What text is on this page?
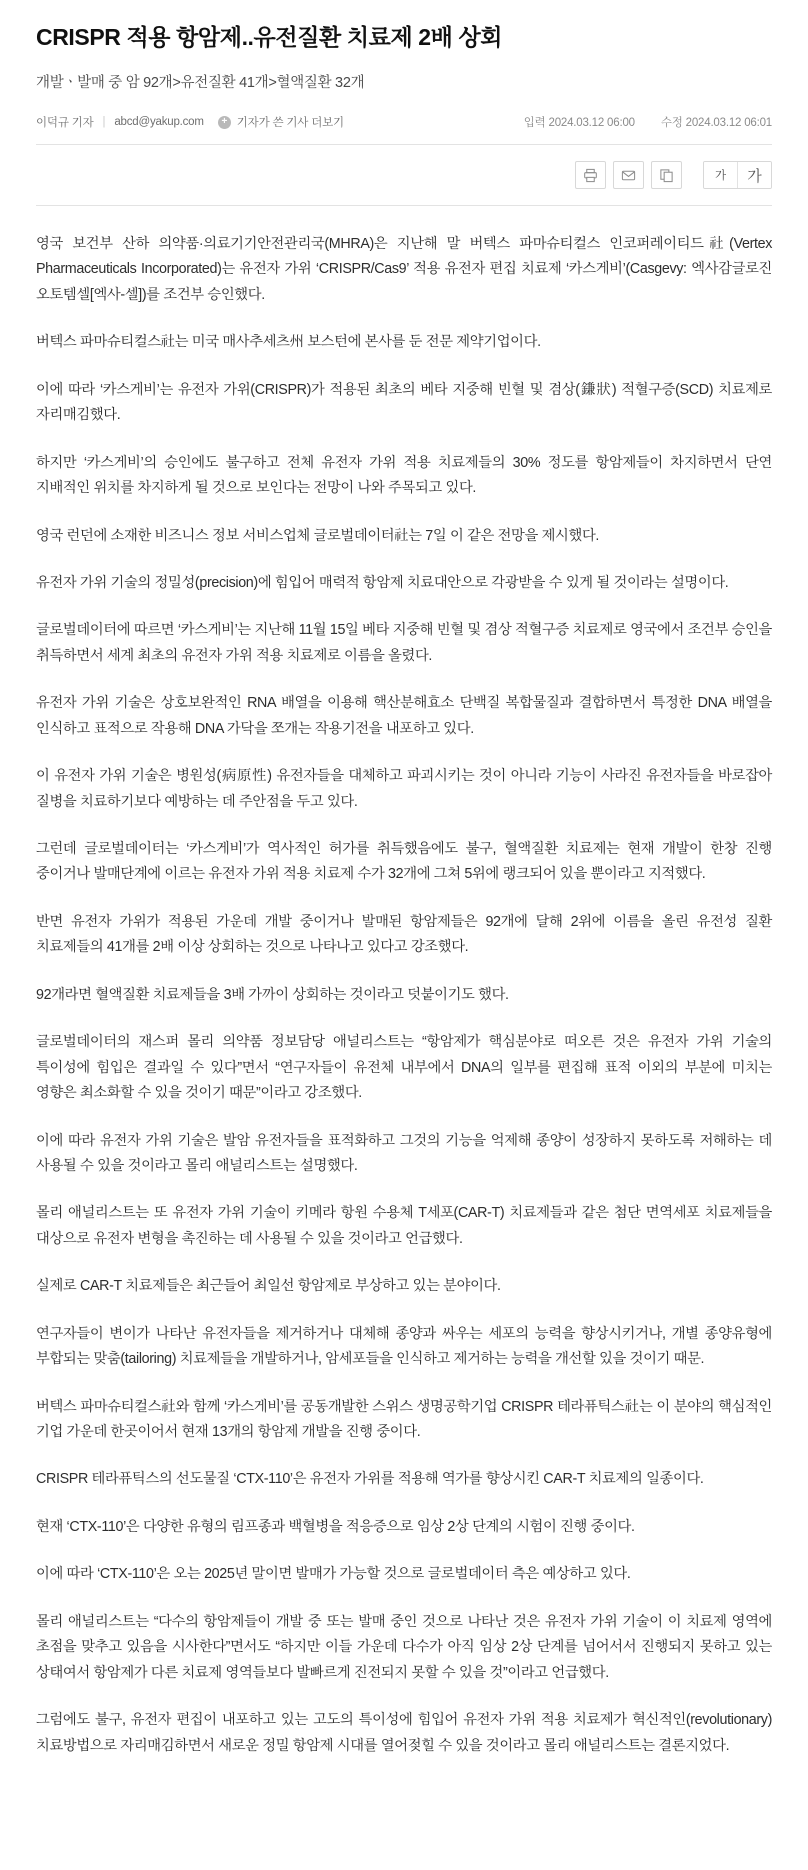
CRISPR 적용 항암제..유전질환 치료제 2배 상회
개발ㆍ발매 중 암 92개>유전질환 41개>혈액질환 32개
이덕규 기자 | abcd@yakup.com	+ 기자가 쓴 기사 더보기	입력 2024.03.12 06:00 수정 2024.03.12 06:01
가	가

영국 보건부 산하 의약품·의료기기안전관리국(MHRA)은 지난해 말 버텍스 파마슈티컬스 인코퍼레이티드社(Vertex Pharmaceuticals Incorporated)는 유전자 가위 ‘CRISPR/Cas9’ 적용 유전자 편집 치료제 ‘카스게비’(Casgevy: 엑사감글로진 오토템셀[엑사-셀])를 조건부 승인했다.

버텍스 파마슈티컬스社는 미국 매사추세츠州 보스턴에 본사를 둔 전문 제약기업이다.

이에 따라 ‘카스게비’는 유전자 가위(CRISPR)가 적용된 최초의 베타 지중해 빈혈 및 겸상(鎌狀) 적혈구증(SCD) 치료제로 자리매김했다.

하지만 ‘카스게비’의 승인에도 불구하고 전체 유전자 가위 적용 치료제들의 30% 정도를 항암제들이 차지하면서 단연 지배적인 위치를 차지하게 될 것으로 보인다는 전망이 나와 주목되고 있다.

영국 런던에 소재한 비즈니스 정보 서비스업체 글로벌데이터社는 7일 이 같은 전망을 제시했다.

유전자 가위 기술의 정밀성(precision)에 힘입어 매력적 항암제 치료대안으로 각광받을 수 있게 될 것이라는 설명이다.

글로벌데이터에 따르면 ‘카스게비’는 지난해 11월 15일 베타 지중해 빈혈 및 겸상 적혈구증 치료제로 영국에서 조건부 승인을 취득하면서 세계 최초의 유전자 가위 적용 치료제로 이름을 올렸다.

유전자 가위 기술은 상호보완적인 RNA 배열을 이용해 핵산분해효소 단백질 복합물질과 결합하면서 특정한 DNA 배열을 인식하고 표적으로 작용해 DNA 가닥을 쪼개는 작용기전을 내포하고 있다.

이 유전자 가위 기술은 병원성(病原性) 유전자들을 대체하고 파괴시키는 것이 아니라 기능이 사라진 유전자들을 바로잡아 질병을 치료하기보다 예방하는 데 주안점을 두고 있다.

그런데 글로벌데이터는 ‘카스게비’가 역사적인 허가를 취득했음에도 불구, 혈액질환 치료제는 현재 개발이 한창 진행 중이거나 발매단계에 이르는 유전자 가위 적용 치료제 수가 32개에 그쳐 5위에 랭크되어 있을 뿐이라고 지적했다.

반면 유전자 가위가 적용된 가운데 개발 중이거나 발매된 항암제들은 92개에 달해 2위에 이름을 올린 유전성 질환 치료제들의 41개를 2배 이상 상회하는 것으로 나타나고 있다고 강조했다.

92개라면 혈액질환 치료제들을 3배 가까이 상회하는 것이라고 덧붙이기도 했다.

글로벌데이터의 재스퍼 몰리 의약품 정보담당 애널리스트는 “항암제가 핵심분야로 떠오른 것은 유전자 가위 기술의 특이성에 힘입은 결과일 수 있다”면서 “연구자들이 유전체 내부에서 DNA의 일부를 편집해 표적 이외의 부분에 미치는 영향은 최소화할 수 있을 것이기 때문”이라고 강조했다.

이에 따라 유전자 가위 기술은 발암 유전자들을 표적화하고 그것의 기능을 억제해 종양이 성장하지 못하도록 저해하는 데 사용될 수 있을 것이라고 몰리 애널리스트는 설명했다.

몰리 애널리스트는 또 유전자 가위 기술이 키메라 항원 수용체 T세포(CAR-T) 치료제들과 같은 첨단 면역세포 치료제들을 대상으로 유전자 변형을 촉진하는 데 사용될 수 있을 것이라고 언급했다.

실제로 CAR-T 치료제들은 최근들어 최일선 항암제로 부상하고 있는 분야이다.

연구자들이 변이가 나타난 유전자들을 제거하거나 대체해 종양과 싸우는 세포의 능력을 향상시키거나, 개별 종양유형에 부합되는 맞춤(tailoring) 치료제들을 개발하거나, 암세포들을 인식하고 제거하는 능력을 개선할 있을 것이기 때문.

버텍스 파마슈티컬스社와 함께 ‘카스게비’를 공동개발한 스위스 생명공학기업 CRISPR 테라퓨틱스社는 이 분야의 핵심적인 기업 가운데 한곳이어서 현재 13개의 항암제 개발을 진행 중이다.

CRISPR 테라퓨틱스의 선도물질 ‘CTX-110’은 유전자 가위를 적용해 역가를 향상시킨 CAR-T 치료제의 일종이다.

현재 ‘CTX-110’은 다양한 유형의 림프종과 백혈병을 적응증으로 임상 2상 단계의 시험이 진행 중이다.

이에 따라 ‘CTX-110’은 오는 2025년 말이면 발매가 가능할 것으로 글로벌데이터 측은 예상하고 있다.

몰리 애널리스트는 “다수의 항암제들이 개발 중 또는 발매 중인 것으로 나타난 것은 유전자 가위 기술이 이 치료제 영역에 초점을 맞추고 있음을 시사한다”면서도 “하지만 이들 가운데 다수가 아직 임상 2상 단계를 넘어서서 진행되지 못하고 있는 상태여서 항암제가 다른 치료제 영역들보다 발빠르게 진전되지 못할 수 있을 것”이라고 언급했다.

그럼에도 불구, 유전자 편집이 내포하고 있는 고도의 특이성에 힘입어 유전자 가위 적용 치료제가 혁신적인(revolutionary) 치료방법으로 자리매김하면서 새로운 정밀 항암제 시대를 열어젖힐 수 있을 것이라고 몰리 애널리스트는 결론지었다.
